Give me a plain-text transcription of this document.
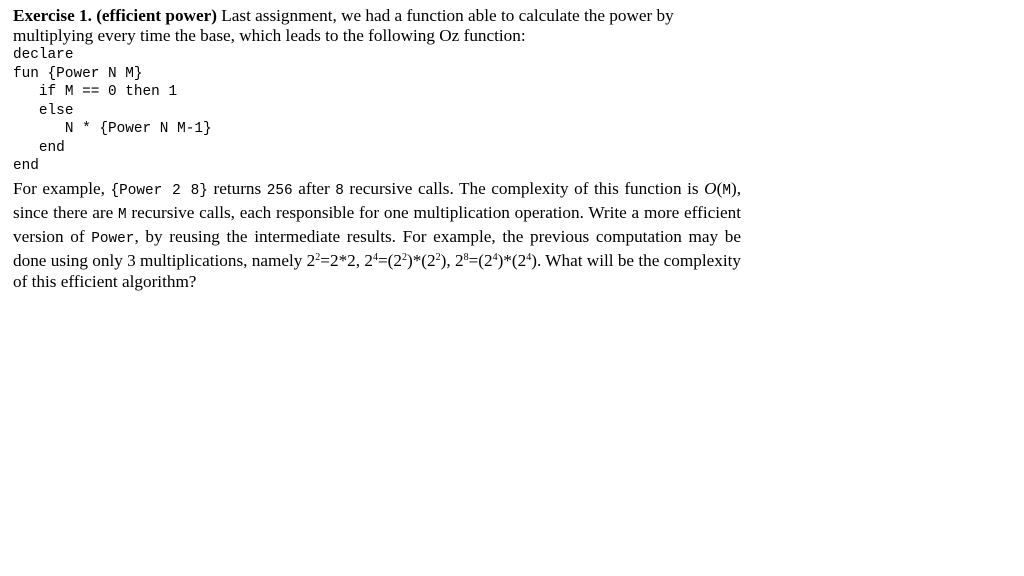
Exercise 1. (efficient power) Last assignment, we had a function able to calculate the power by multiplying every time the base, which leads to the following Oz function:

declare
fun {Power N M}
if M == 0 then 1
else
N * {Power N M-1}
end
end

For example, {Power 2 8} returns 256 after 8 recursive calls. The complexity of this function is O(M), since there are M recursive calls, each responsible for one multiplication operation. Write a more efficient version of Power, by reusing the intermediate results. For example, the previous computation may be done using only 3 multiplications, namely $2^2=2*2$, $2^4=(2^2)*(2^2)$, $2^8=(2^4)*(2^4)$. What will be the complexity of this efficient algorithm?
